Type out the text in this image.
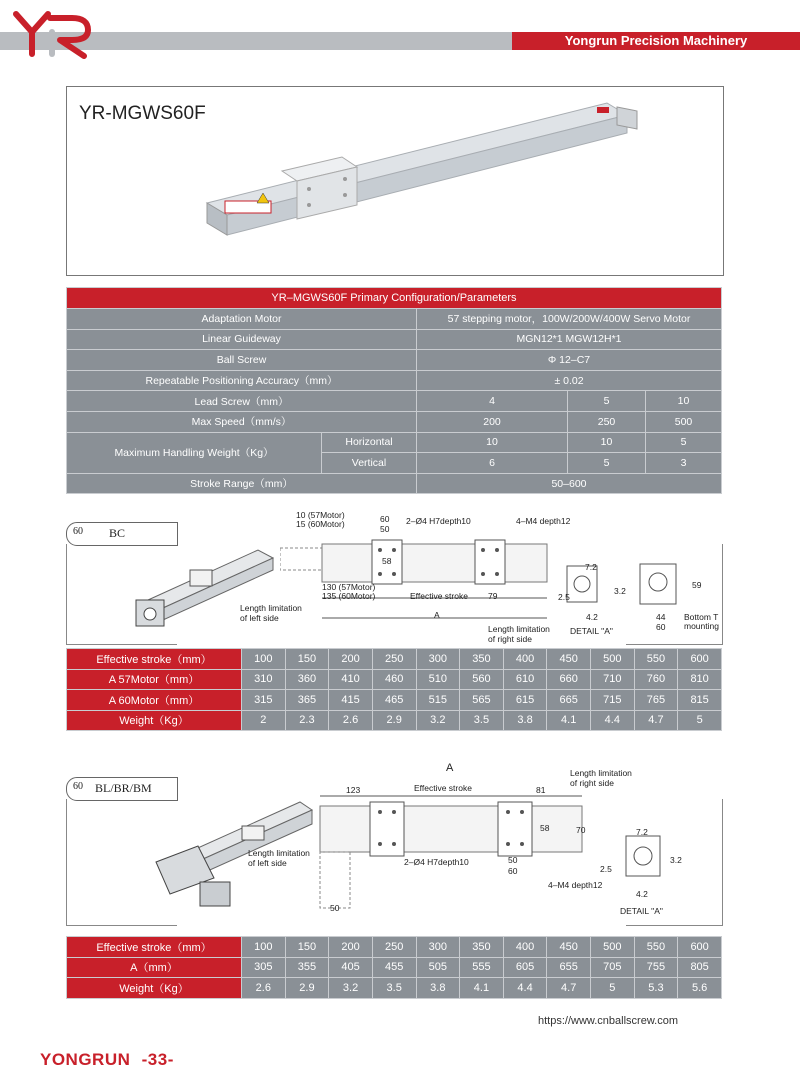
Yongrun Precision Machinery
YR-MGWS60F
YR–MGWS60F Primary Configuration/Parameters				
Adaptation Motor		57 stepping motor，100W/200W/400W Servo Motor		
Linear Guideway		MGN12*1 MGW12H*1		
Ball Screw		Φ 12–C7		
Repeatable Positioning Accuracy（mm）		± 0.02		
Lead Screw（mm）		4	5	10
Max Speed（mm/s）		200	250	500
Maximum Handling Weight（Kg）	Horizontal	10	10	5
	Vertical	6	5	3
Stroke Range（mm）		50–600		
60 BC
10 (57Motor)
15 (60Motor)	60
50
2–Ø4 H7depth10	4–M4 depth12
58
130 (57Motor)
135 (60Motor)	Effective stroke 79
A
Length limitation
of left side
Length limitation
of right side
7.2
2.5
3.2
4.2
DETAIL "A"
59
44
60
Bottom T
mounting
Effective stroke（mm）	100	150	200	250	300	350	400	450	500	550	600
A 57Motor（mm）	310	360	410	460	510	560	610	660	710	760	810
A 60Motor（mm）	315	365	415	465	515	565	615	665	715	765	815
Weight（Kg）	2	2.3	2.6	2.9	3.2	3.5	3.8	4.1	4.4	4.7	5
60 BL/BR/BM
A
Effective stroke
123	81
Length limitation
of right side
Length limitation
of left side
58	70
2–Ø4 H7depth10	50
60
4–M4 depth12
50
7.2
2.5
3.2
4.2
DETAIL "A"
Effective stroke（mm）	100	150	200	250	300	350	400	450	500	550	600
A（mm）	305	355	405	455	505	555	605	655	705	755	805
Weight（Kg）	2.6	2.9	3.2	3.5	3.8	4.1	4.4	4.7	5	5.3	5.6
https://www.cnballscrew.com
YONGRUN -33-
